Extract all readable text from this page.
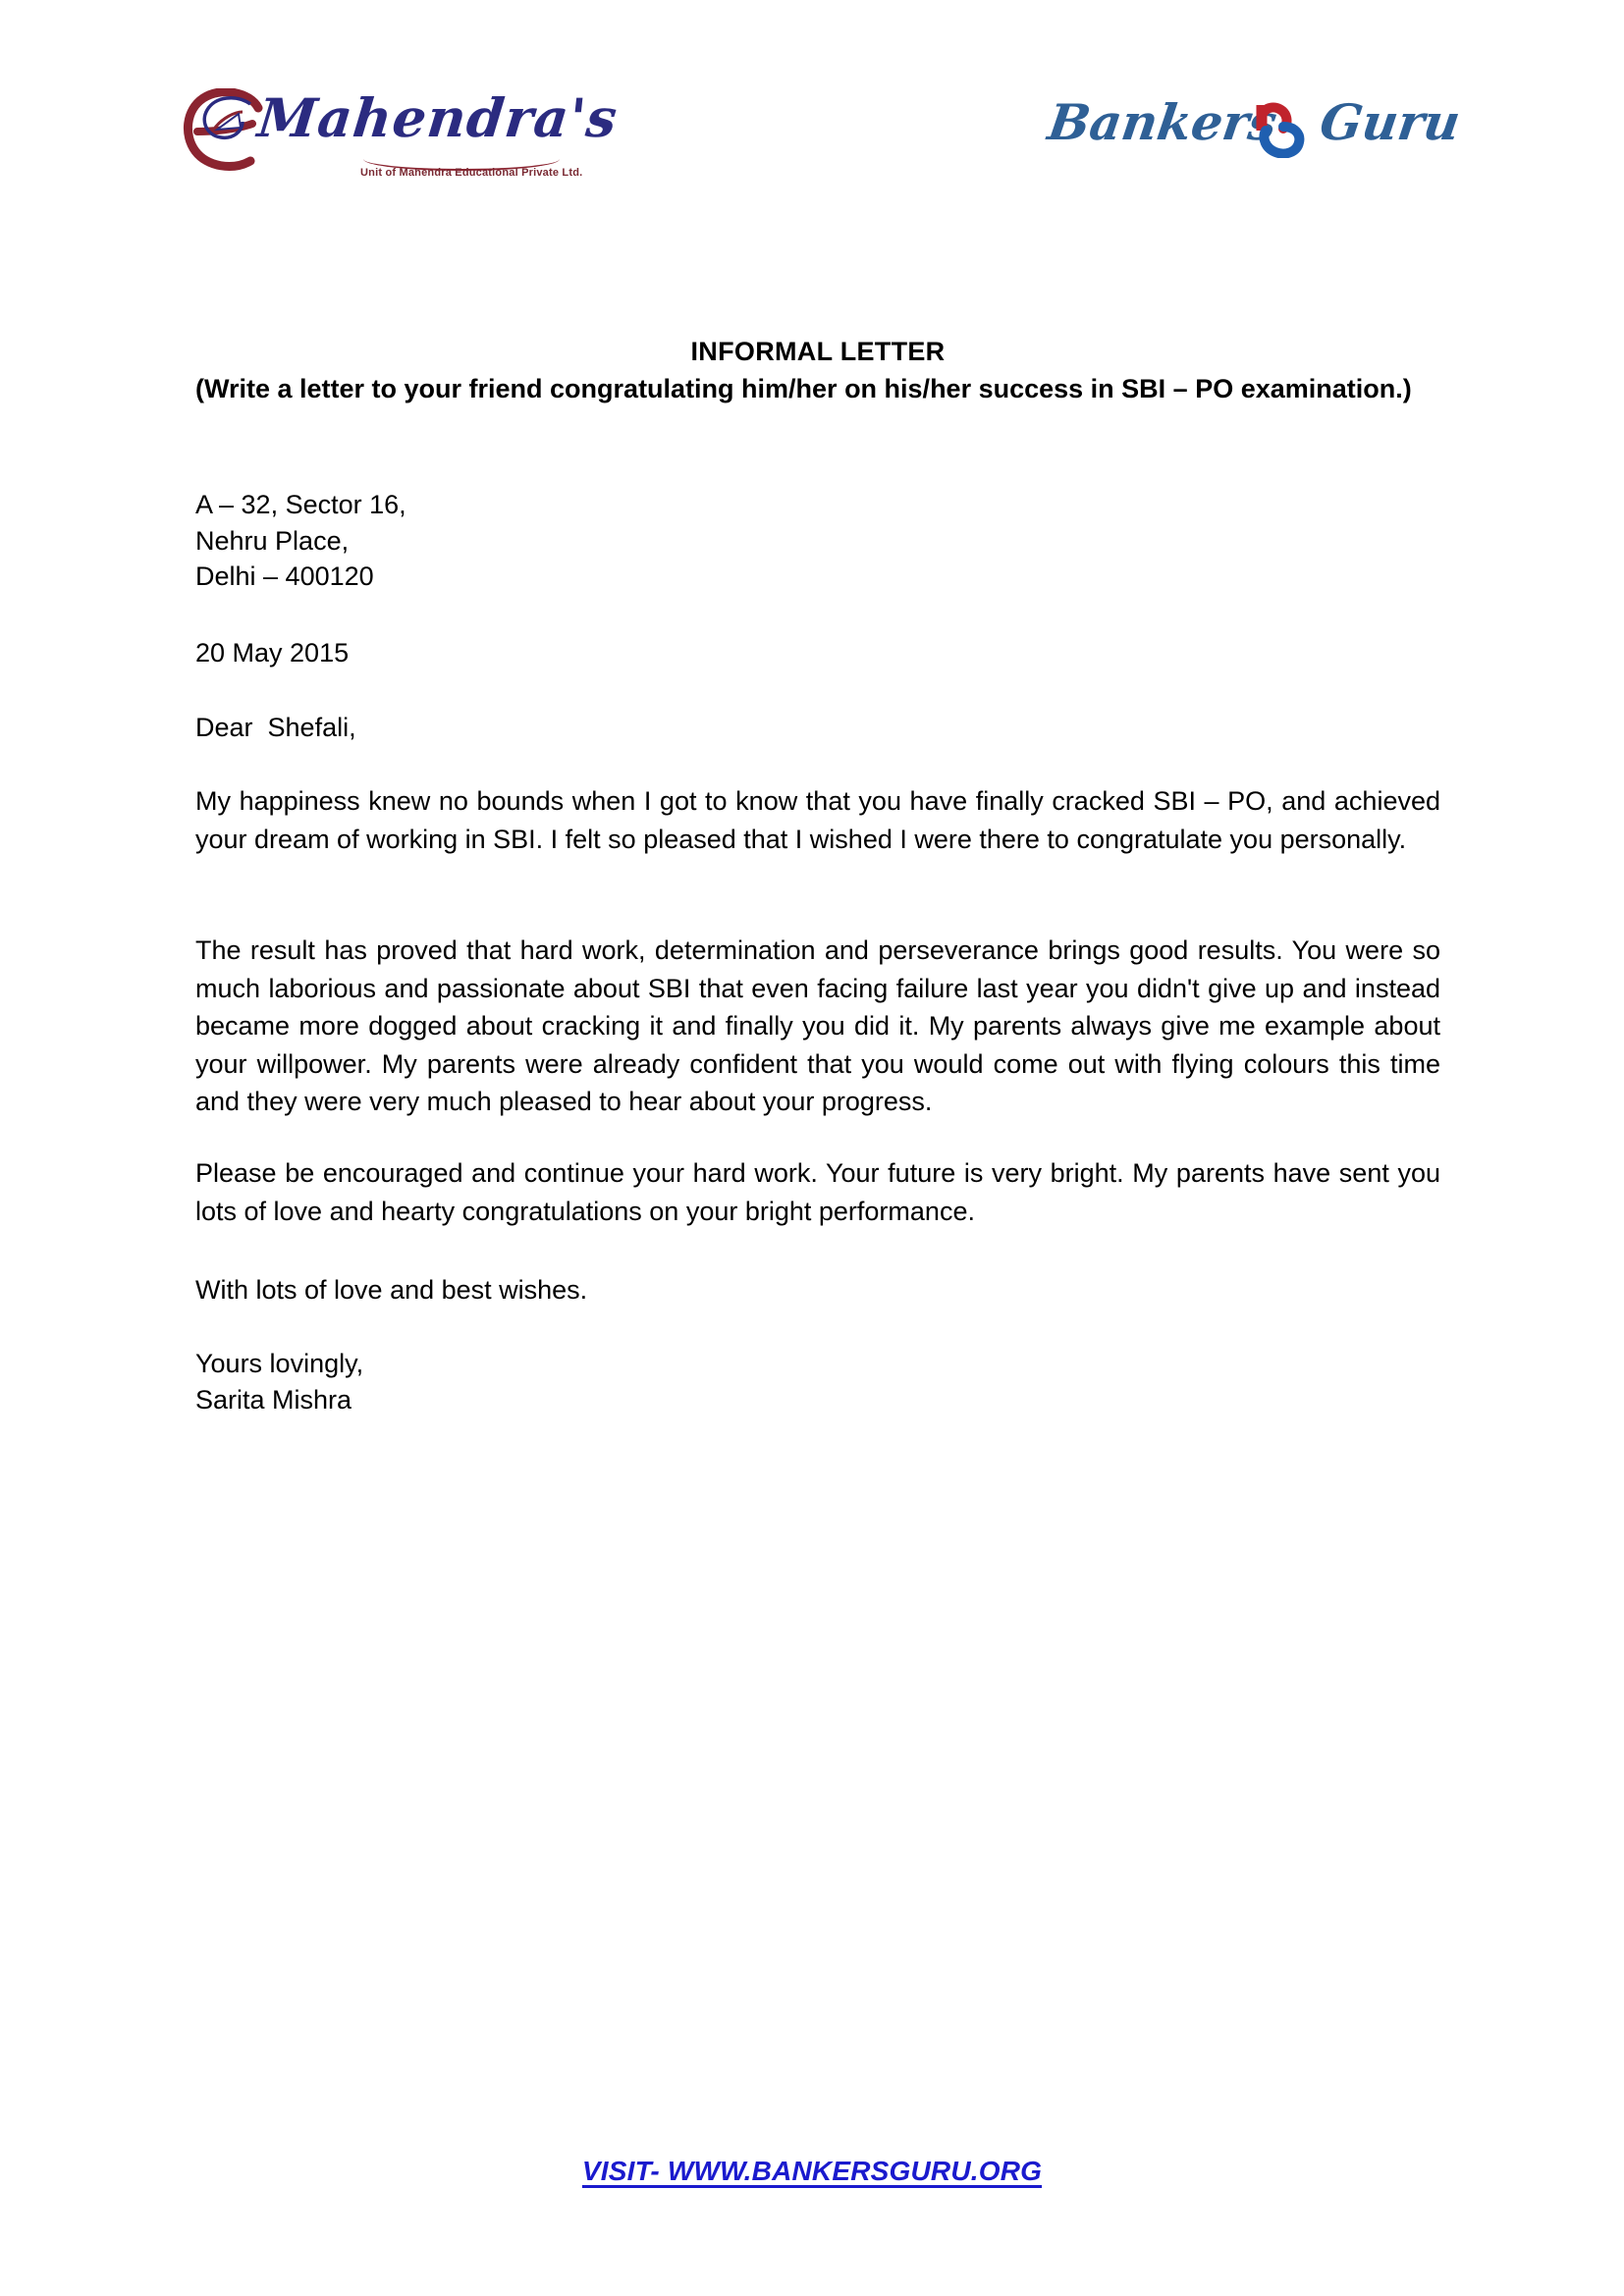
Mahendra's
Unit of Mahendra Educational Private Ltd.
Bankers Guru
INFORMAL LETTER
(Write a letter to your friend congratulating him/her on his/her success in SBI – PO examination.)
A – 32, Sector 16,
Nehru Place,
Delhi – 400120
20 May 2015
Dear  Shefali,
My happiness knew no bounds when I got to know that you have finally cracked SBI – PO, and achieved your dream of working in SBI. I felt so pleased that I wished I were there to congratulate you personally.
The result has proved that hard work, determination and perseverance brings good results. You were so much laborious and passionate about SBI that even facing failure last year you didn't give up and instead became more dogged about cracking it and finally you did it. My parents always give me example about your willpower. My parents were already confident that you would come out with flying colours this time and they were very much pleased to hear about your progress.
Please be encouraged and continue your hard work. Your future is very bright. My parents have sent you lots of love and hearty congratulations on your bright performance.
With lots of love and best wishes.
Yours lovingly,
Sarita Mishra
VISIT- WWW.BANKERSGURU.ORG
